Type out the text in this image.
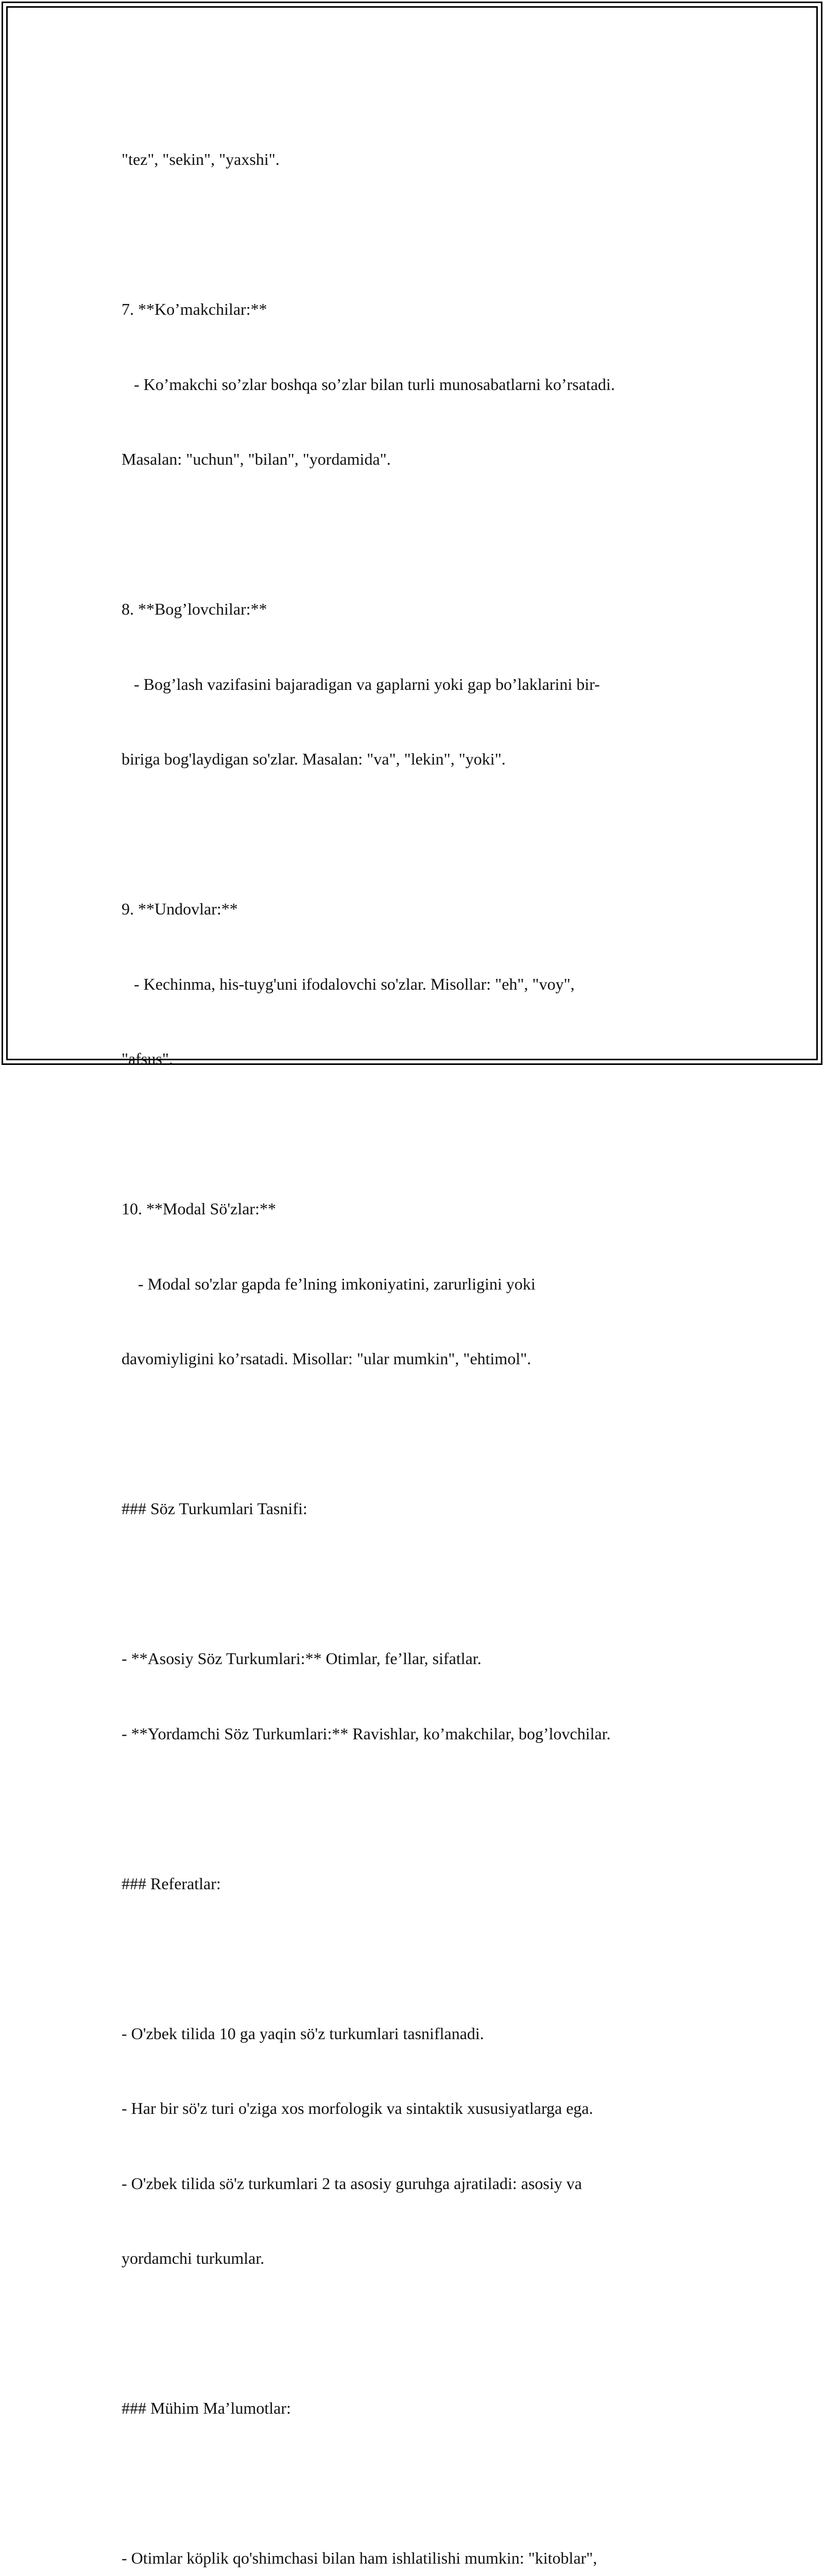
"tez", "sekin", "yaxshi".

7. **Ko’makchilar:**

- Ko’makchi so’zlar boshqa so’zlar bilan turli munosabatlarni ko’rsatadi.

Masalan: "uchun", "bilan", "yordamida".

8. **Bog’lovchilar:**

- Bog’lash vazifasini bajaradigan va gaplarni yoki gap bo’laklarini bir-

biriga bog'laydigan so'zlar. Masalan: "va", "lekin", "yoki".

9. **Undovlar:**

- Kechinma, his-tuyg'uni ifodalovchi so'zlar. Misollar: "eh", "voy",

"afsus".

10. **Modal Sö'zlar:**

- Modal so'zlar gapda fe’lning imkoniyatini, zarurligini yoki

davomiyligini ko’rsatadi. Misollar: "ular mumkin", "ehtimol".

### Söz Turkumlari Tasnifi:

- **Asosiy Söz Turkumlari:** Otimlar, fe’llar, sifatlar.

- **Yordamchi Söz Turkumlari:** Ravishlar, ko’makchilar, bog’lovchilar.

### Referatlar:

- O'zbek tilida 10 ga yaqin sö'z turkumlari tasniflanadi.

- Har bir sö'z turi o'ziga xos morfologik va sintaktik xususiyatlarga ega.

- O'zbek tilida sö'z turkumlari 2 ta asosiy guruhga ajratiladi: asosiy va

yordamchi turkumlar.

### Mühim Ma’lumotlar:

- Otimlar köplik qo'shimchasi bilan ham ishlatilishi mumkin: "kitoblar",
